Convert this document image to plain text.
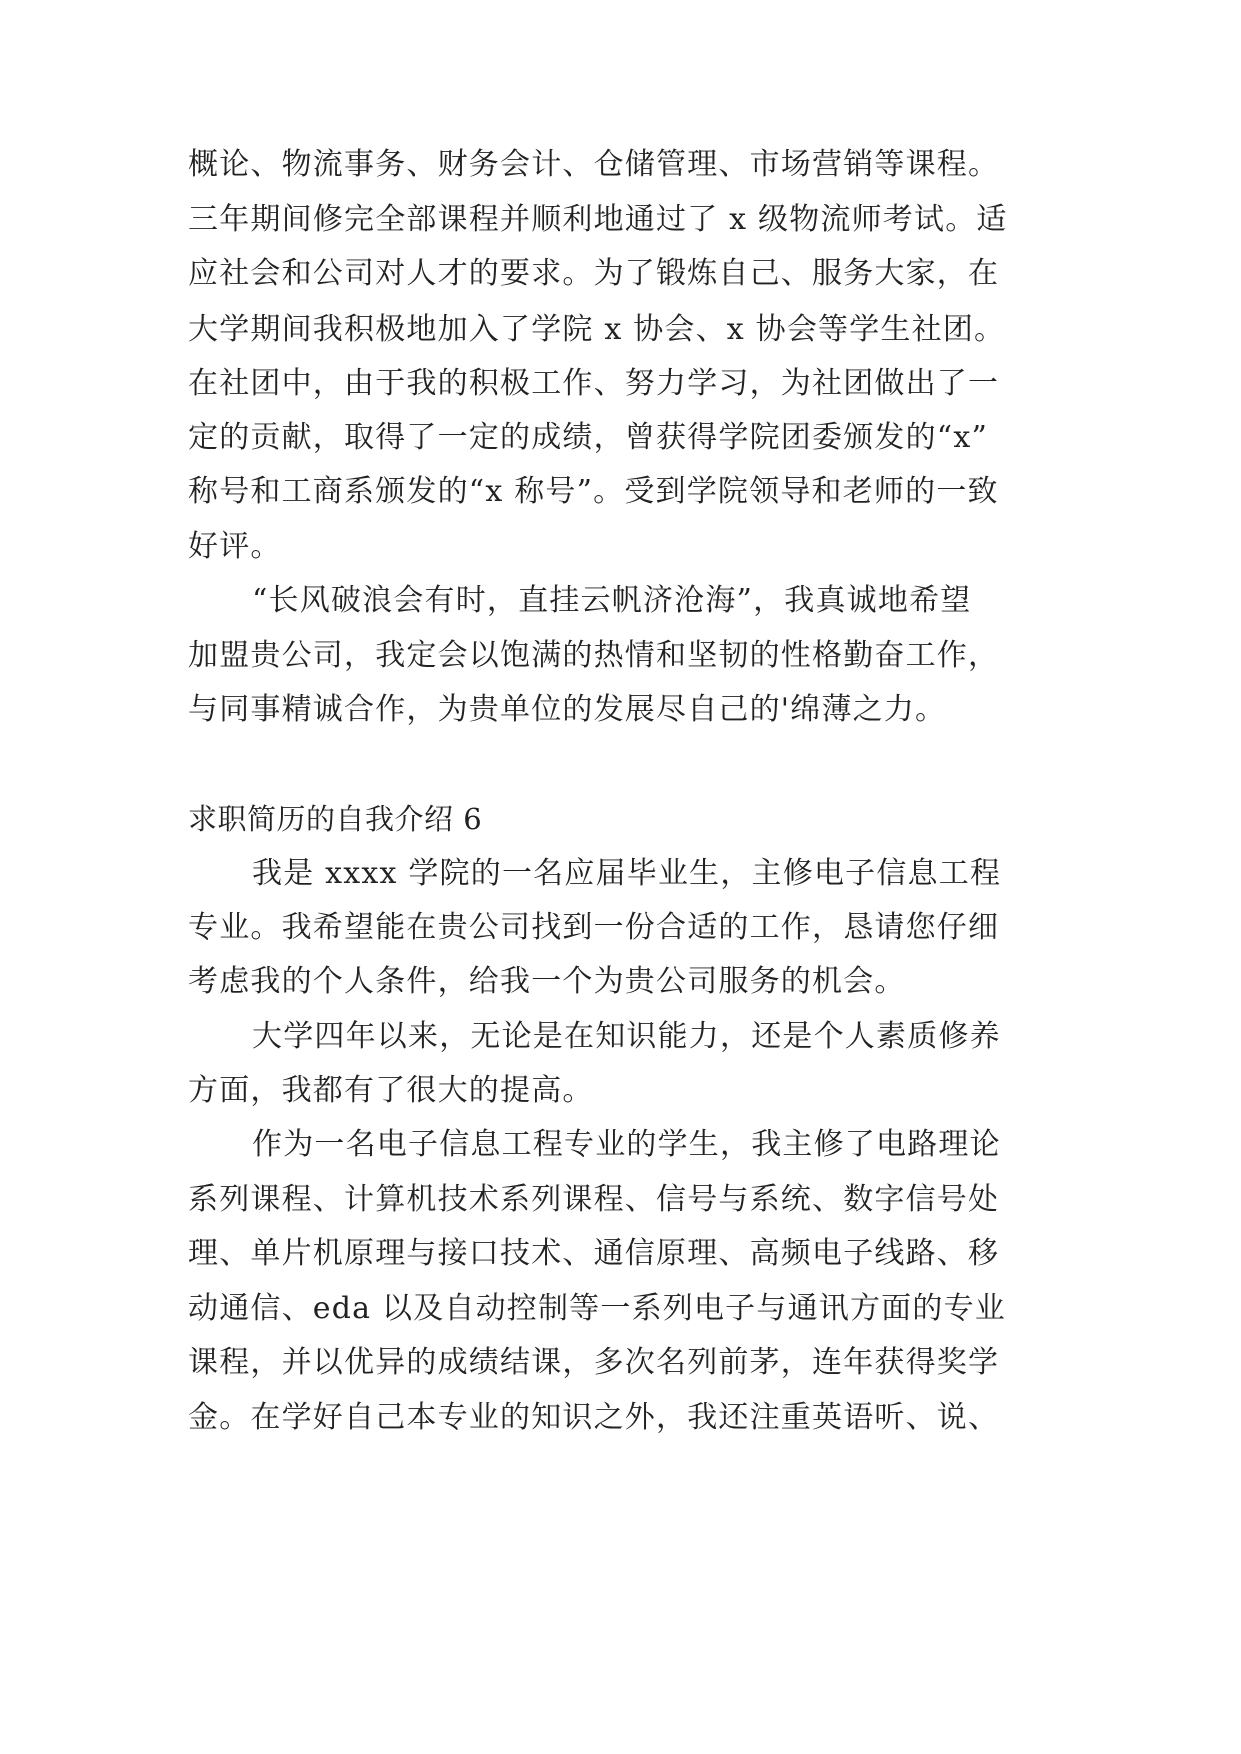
概论、物流事务、财务会计、仓储管理、市场营销等课程。
三年期间修完全部课程并顺利地通过了 x 级物流师考试。适
应社会和公司对人才的要求。为了锻炼自己、服务大家，在
大学期间我积极地加入了学院 x 协会、x 协会等学生社团。
在社团中，由于我的积极工作、努力学习，为社团做出了一
定的贡献，取得了一定的成绩，曾获得学院团委颁发的“x”
称号和工商系颁发的“x 称号”。受到学院领导和老师的一致
好评。
“长风破浪会有时，直挂云帆济沧海”，我真诚地希望
加盟贵公司，我定会以饱满的热情和坚韧的性格勤奋工作，
与同事精诚合作，为贵单位的发展尽自己的'绵薄之力。
求职简历的自我介绍 6
我是 xxxx 学院的一名应届毕业生，主修电子信息工程
专业。我希望能在贵公司找到一份合适的工作，恳请您仔细
考虑我的个人条件，给我一个为贵公司服务的机会。
大学四年以来，无论是在知识能力，还是个人素质修养
方面，我都有了很大的提高。
作为一名电子信息工程专业的学生，我主修了电路理论
系列课程、计算机技术系列课程、信号与系统、数字信号处
理、单片机原理与接口技术、通信原理、高频电子线路、移
动通信、eda 以及自动控制等一系列电子与通讯方面的专业
课程，并以优异的成绩结课，多次名列前茅，连年获得奖学
金。在学好自己本专业的知识之外，我还注重英语听、说、
